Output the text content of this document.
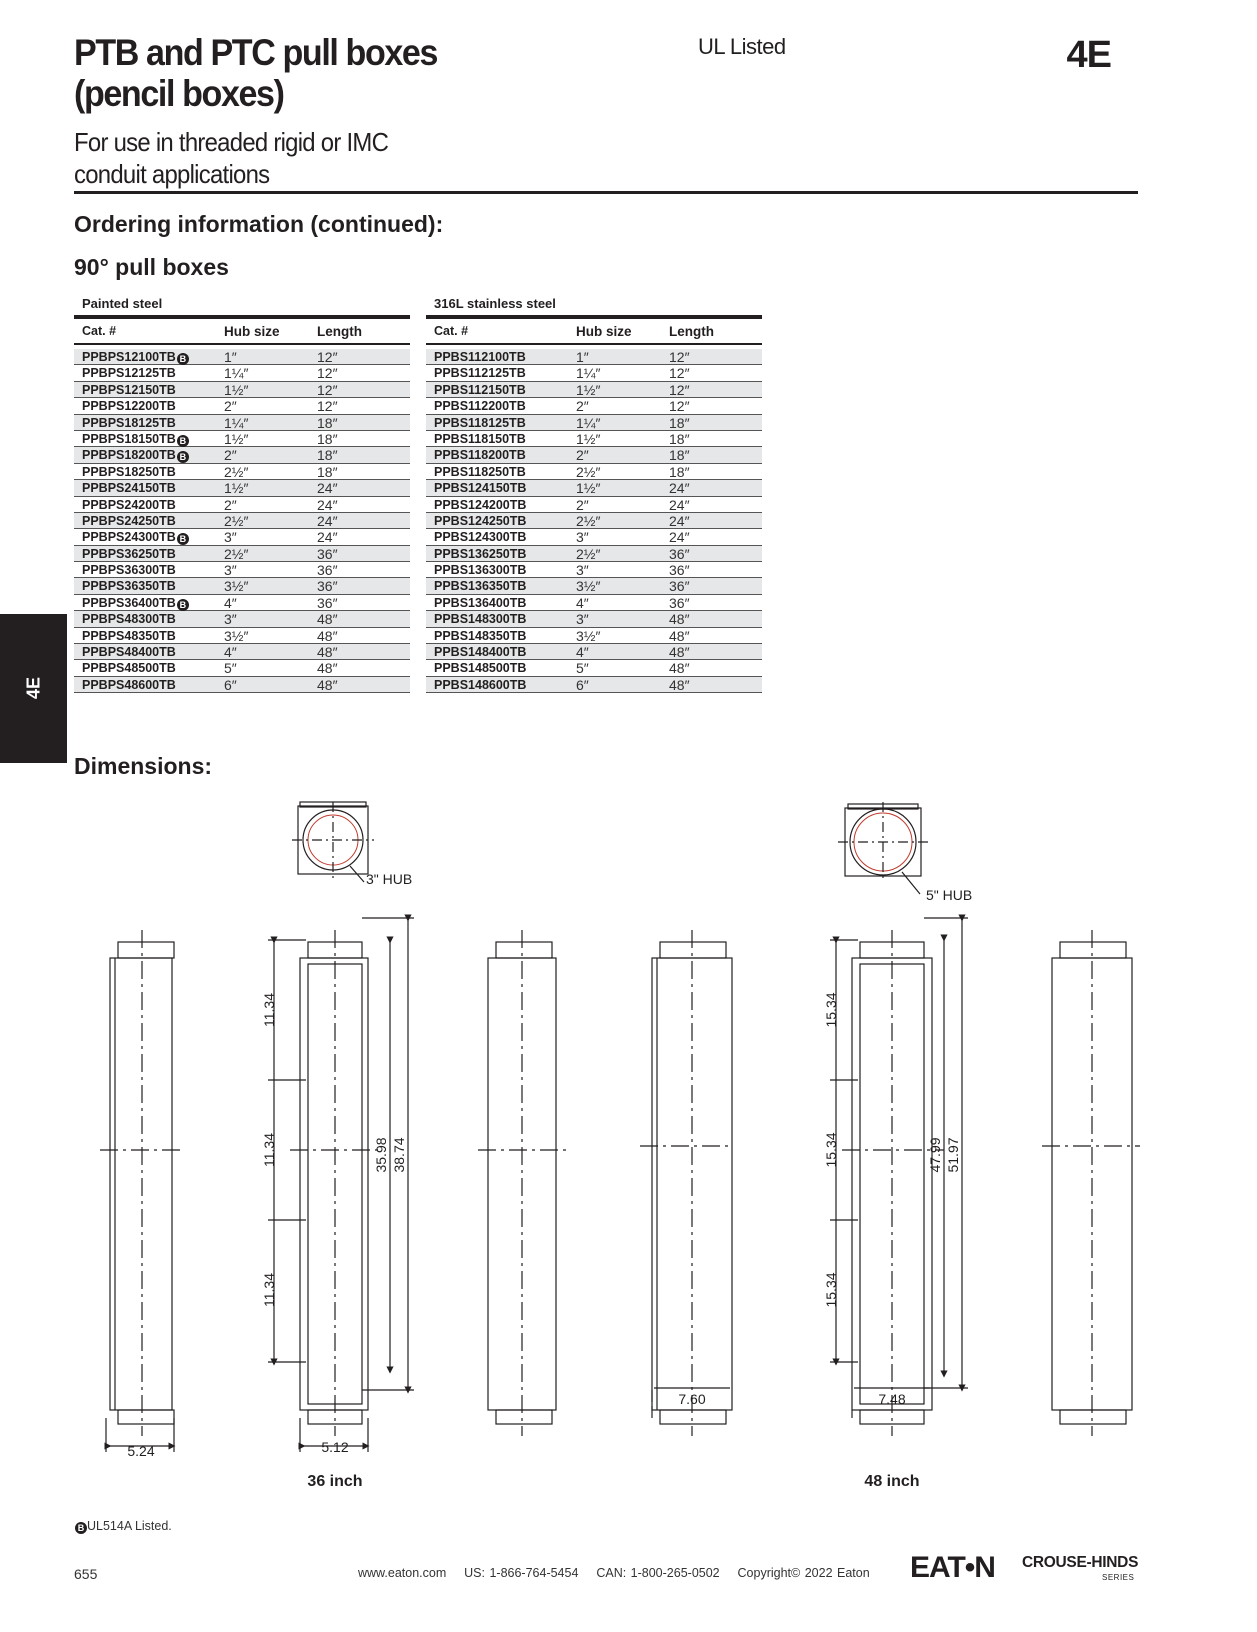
PTB and PTC pull boxes (pencil boxes)
For use in threaded rigid or IMC conduit applications
UL Listed	4E
Ordering information (continued):
90° pull boxes
Painted steel
Cat. #	Hub size	Length
PPBPS12100TB B	1″	12″
PPBPS12125TB	1¼″	12″
PPBPS12150TB	1½″	12″
PPBPS12200TB	2″	12″
PPBPS18125TB	1¼″	18″
PPBPS18150TB B	1½″	18″
PPBPS18200TB B	2″	18″
PPBPS18250TB	2½″	18″
PPBPS24150TB	1½″	24″
PPBPS24200TB	2″	24″
PPBPS24250TB	2½″	24″
PPBPS24300TB B	3″	24″
PPBPS36250TB	2½″	36″
PPBPS36300TB	3″	36″
PPBPS36350TB	3½″	36″
PPBPS36400TB B	4″	36″
PPBPS48300TB	3″	48″
PPBPS48350TB	3½″	48″
PPBPS48400TB	4″	48″
PPBPS48500TB	5″	48″
PPBPS48600TB	6″	48″
316L stainless steel
Cat. #	Hub size	Length
PPBS112100TB	1″	12″
PPBS112125TB	1¼″	12″
PPBS112150TB	1½″	12″
PPBS112200TB	2″	12″
PPBS118125TB	1¼″	18″
PPBS118150TB	1½″	18″
PPBS118200TB	2″	18″
PPBS118250TB	2½″	18″
PPBS124150TB	1½″	24″
PPBS124200TB	2″	24″
PPBS124250TB	2½″	24″
PPBS124300TB	3″	24″
PPBS136250TB	2½″	36″
PPBS136300TB	3″	36″
PPBS136350TB	3½″	36″
PPBS136400TB	4″	36″
PPBS148300TB	3″	48″
PPBS148350TB	3½″	48″
PPBS148400TB	4″	48″
PPBS148500TB	5″	48″
PPBS148600TB	6″	48″
4E
Dimensions:
3" HUB
5" HUB
11.34
11.34
11.34
35.98 38.74
5.24	5.12
15.34
15.34
15.34
47.99 51.97
7.60	7.48
36 inch	48 inch
B UL514A Listed.
655	www.eaton.com US: 1-866-764-5454 CAN: 1-800-265-0502 Copyright© 2022 Eaton EAT•N CROUSE-HINDS
SERIES
